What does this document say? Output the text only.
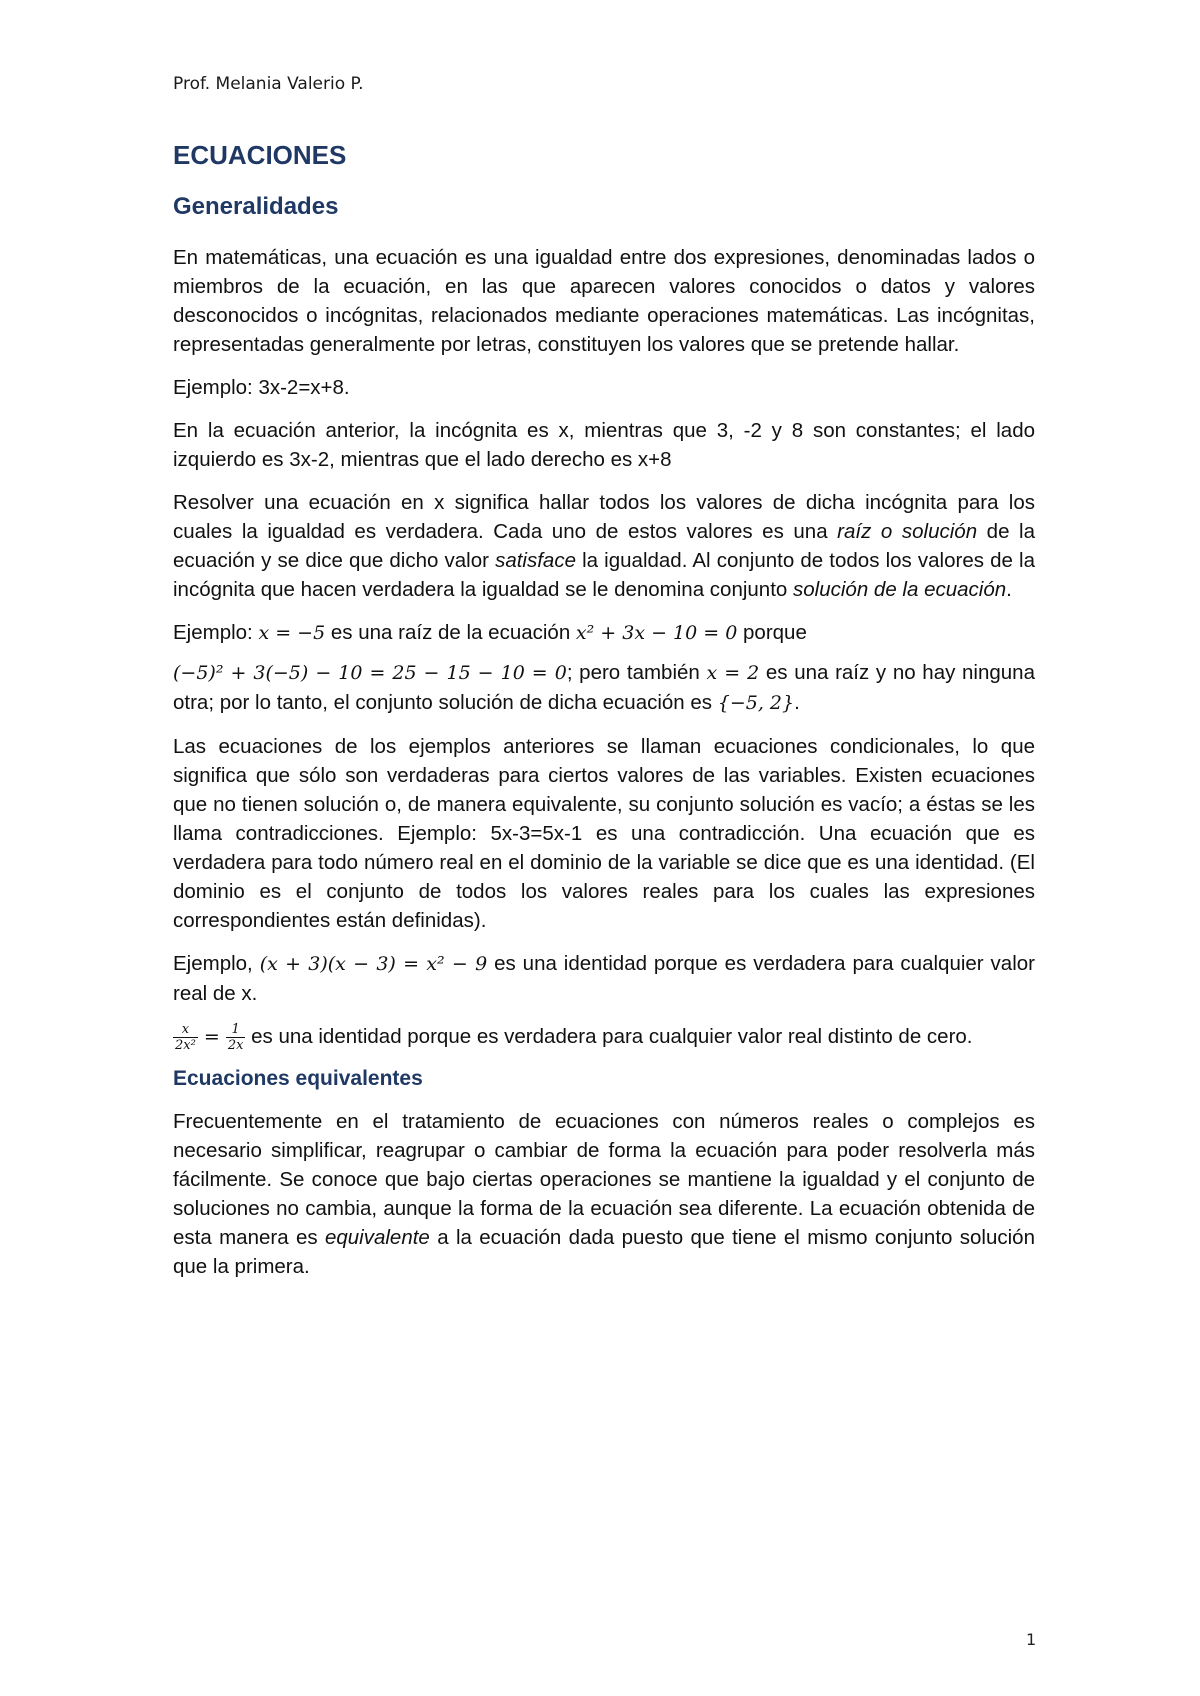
Prof. Melania Valerio P.
ECUACIONES
Generalidades

En matemáticas, una ecuación es una igualdad entre dos expresiones, denominadas lados o miembros de la ecuación, en las que aparecen valores conocidos o datos y valores desconocidos o incógnitas, relacionados mediante operaciones matemáticas. Las incógnitas, representadas generalmente por letras, constituyen los valores que se pretende hallar.

Ejemplo: 3x-2=x+8.

En la ecuación anterior, la incógnita es x, mientras que 3, -2 y 8 son constantes; el lado izquierdo es 3x-2, mientras que el lado derecho es x+8

Resolver una ecuación en x significa hallar todos los valores de dicha incógnita para los cuales la igualdad es verdadera. Cada uno de estos valores es una raíz o solución de la ecuación y se dice que dicho valor satisface la igualdad. Al conjunto de todos los valores de la incógnita que hacen verdadera la igualdad se le denomina conjunto solución de la ecuación.

Ejemplo: x = −5 es una raíz de la ecuación x² + 3x − 10 = 0 porque

(−5)² + 3(−5) − 10 = 25 − 15 − 10 = 0; pero también x = 2 es una raíz y no hay ninguna otra; por lo tanto, el conjunto solución de dicha ecuación es {−5, 2}.

Las ecuaciones de los ejemplos anteriores se llaman ecuaciones condicionales, lo que significa que sólo son verdaderas para ciertos valores de las variables. Existen ecuaciones que no tienen solución o, de manera equivalente, su conjunto solución es vacío; a éstas se les llama contradicciones. Ejemplo: 5x-3=5x-1 es una contradicción. Una ecuación que es verdadera para todo número real en el dominio de la variable se dice que es una identidad. (El dominio es el conjunto de todos los valores reales para los cuales las expresiones correspondientes están definidas).

Ejemplo, (x + 3)(x − 3) = x² − 9 es una identidad porque es verdadera para cualquier valor real de x.

$\frac{x}{\text{2x²}} = \frac{1}{2x}$ es una identidad porque es verdadera para cualquier valor real distinto de cero.

Ecuaciones equivalentes

Frecuentemente en el tratamiento de ecuaciones con números reales o complejos es necesario simplificar, reagrupar o cambiar de forma la ecuación para poder resolverla más fácilmente. Se conoce que bajo ciertas operaciones se mantiene la igualdad y el conjunto de soluciones no cambia, aunque la forma de la ecuación sea diferente. La ecuación obtenida de esta manera es equivalente a la ecuación dada puesto que tiene el mismo conjunto solución que la primera.

1
